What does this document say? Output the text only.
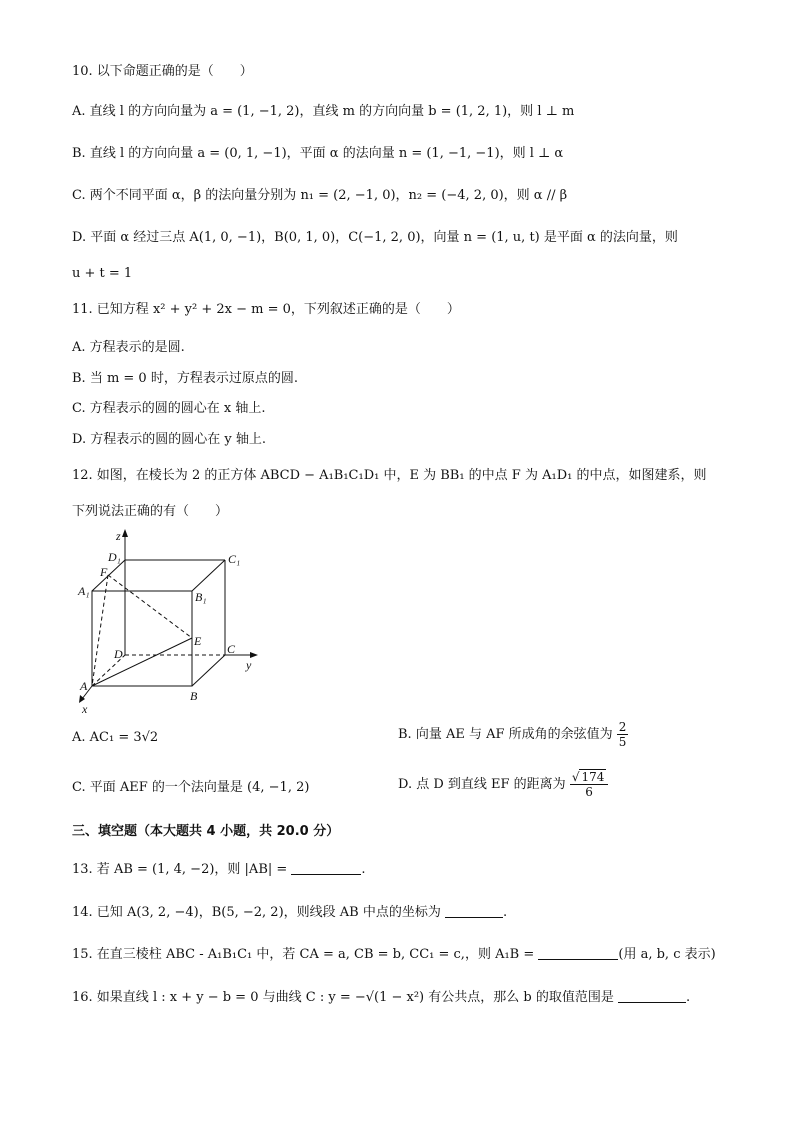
10. 以下命题正确的是（　　）
A. 直线 l 的方向向量为 a = (1, −1, 2)，直线 m 的方向向量 b = (1, 2, 1)，则 l ⊥ m
B. 直线 l 的方向向量 a = (0, 1, −1)，平面 α 的法向量 n = (1, −1, −1)，则 l ⊥ α
C. 两个不同平面 α，β 的法向量分别为 n₁ = (2, −1, 0)，n₂ = (−4, 2, 0)，则 α // β
D. 平面 α 经过三点 A(1, 0, −1)，B(0, 1, 0)，C(−1, 2, 0)，向量 n = (1, u, t) 是平面 α 的法向量，则
u + t = 1
11. 已知方程 x² + y² + 2x − m = 0，下列叙述正确的是（　　）
A. 方程表示的是圆.
B. 当 m = 0 时，方程表示过原点的圆.
C. 方程表示的圆的圆心在 x 轴上.
D. 方程表示的圆的圆心在 y 轴上.
12. 如图，在棱长为 2 的正方体 ABCD − A₁B₁C₁D₁ 中，E 为 BB₁ 的中点 F 为 A₁D₁ 的中点，如图建系，则
下列说法正确的有（　　）
z
y
x
D₁	C₁
A₁	B₁
F
E
D	C
A
B
A. AC₁ = 3√2	B. 向量 AE 与 AF 所成角的余弦值为 $\frac{2}{5}$
C. 平面 AEF 的一个法向量是 (4, −1, 2)	D. 点 D 到直线 EF 的距离为 $\frac{√ 174}{6}$
三、填空题（本大题共 4 小题，共 20.0 分）
13. 若 AB = (1, 4, −2)，则 |AB| =	.
14. 已知 A(3, 2, −4)，B(5, −2, 2)，则线段 AB 中点的坐标为	.
15. 在直三棱柱 ABC - A₁B₁C₁ 中，若 CA = a, CB = b, CC₁ = c,，则 A₁B =	(用 a, b, c 表示)
16. 如果直线 l : x + y − b = 0 与曲线 C : y = −√(1 − x²) 有公共点，那么 b 的取值范围是	.
